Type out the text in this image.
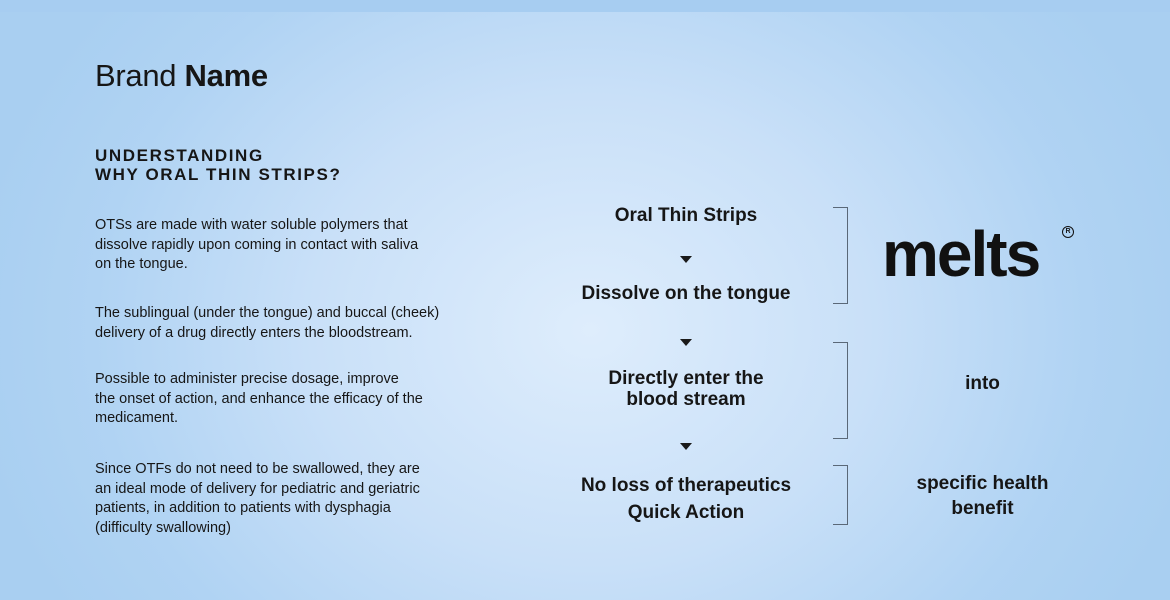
Brand Name
UNDERSTANDING
WHY ORAL THIN STRIPS?
OTSs are made with water soluble polymers that
dissolve rapidly upon coming in contact with saliva
on the tongue.
The sublingual (under the tongue) and buccal (cheek)
delivery of a drug directly enters the bloodstream.
Possible to administer precise dosage, improve
the onset of action, and enhance the efficacy of the
medicament.
Since OTFs do not need to be swallowed, they are
an ideal mode of delivery for pediatric and geriatric
patients, in addition to patients with dysphagia
(difficulty swallowing)
Oral Thin Strips
Dissolve on the tongue
Directly enter the
blood stream
No loss of therapeutics
Quick Action
melts	R
into
specific health
benefit
